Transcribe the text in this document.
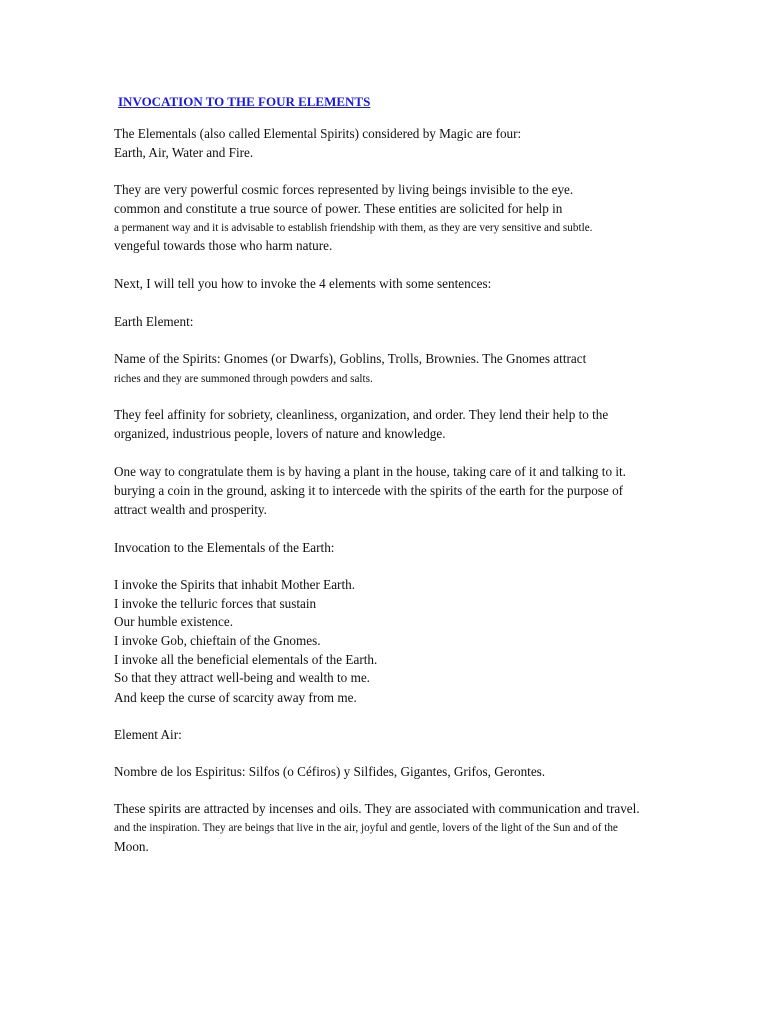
INVOCATION TO THE FOUR ELEMENTS
The Elementals (also called Elemental Spirits) considered by Magic are four:
Earth, Air, Water and Fire.
They are very powerful cosmic forces represented by living beings invisible to the eye.
common and constitute a true source of power. These entities are solicited for help in
a permanent way and it is advisable to establish friendship with them, as they are very sensitive and subtle.
vengeful towards those who harm nature.
Next, I will tell you how to invoke the 4 elements with some sentences:
Earth Element:
Name of the Spirits: Gnomes (or Dwarfs), Goblins, Trolls, Brownies. The Gnomes attract
riches and they are summoned through powders and salts.
They feel affinity for sobriety, cleanliness, organization, and order. They lend their help to the
organized, industrious people, lovers of nature and knowledge.
One way to congratulate them is by having a plant in the house, taking care of it and talking to it.
burying a coin in the ground, asking it to intercede with the spirits of the earth for the purpose of
attract wealth and prosperity.
Invocation to the Elementals of the Earth:
I invoke the Spirits that inhabit Mother Earth.
I invoke the telluric forces that sustain
Our humble existence.
I invoke Gob, chieftain of the Gnomes.
I invoke all the beneficial elementals of the Earth.
So that they attract well-being and wealth to me.
And keep the curse of scarcity away from me.
Element Air:
Nombre de los Espiritus: Silfos (o Céfiros) y Silfides, Gigantes, Grifos, Gerontes.
These spirits are attracted by incenses and oils. They are associated with communication and travel.
and the inspiration. They are beings that live in the air, joyful and gentle, lovers of the light of the Sun and of the
Moon.
